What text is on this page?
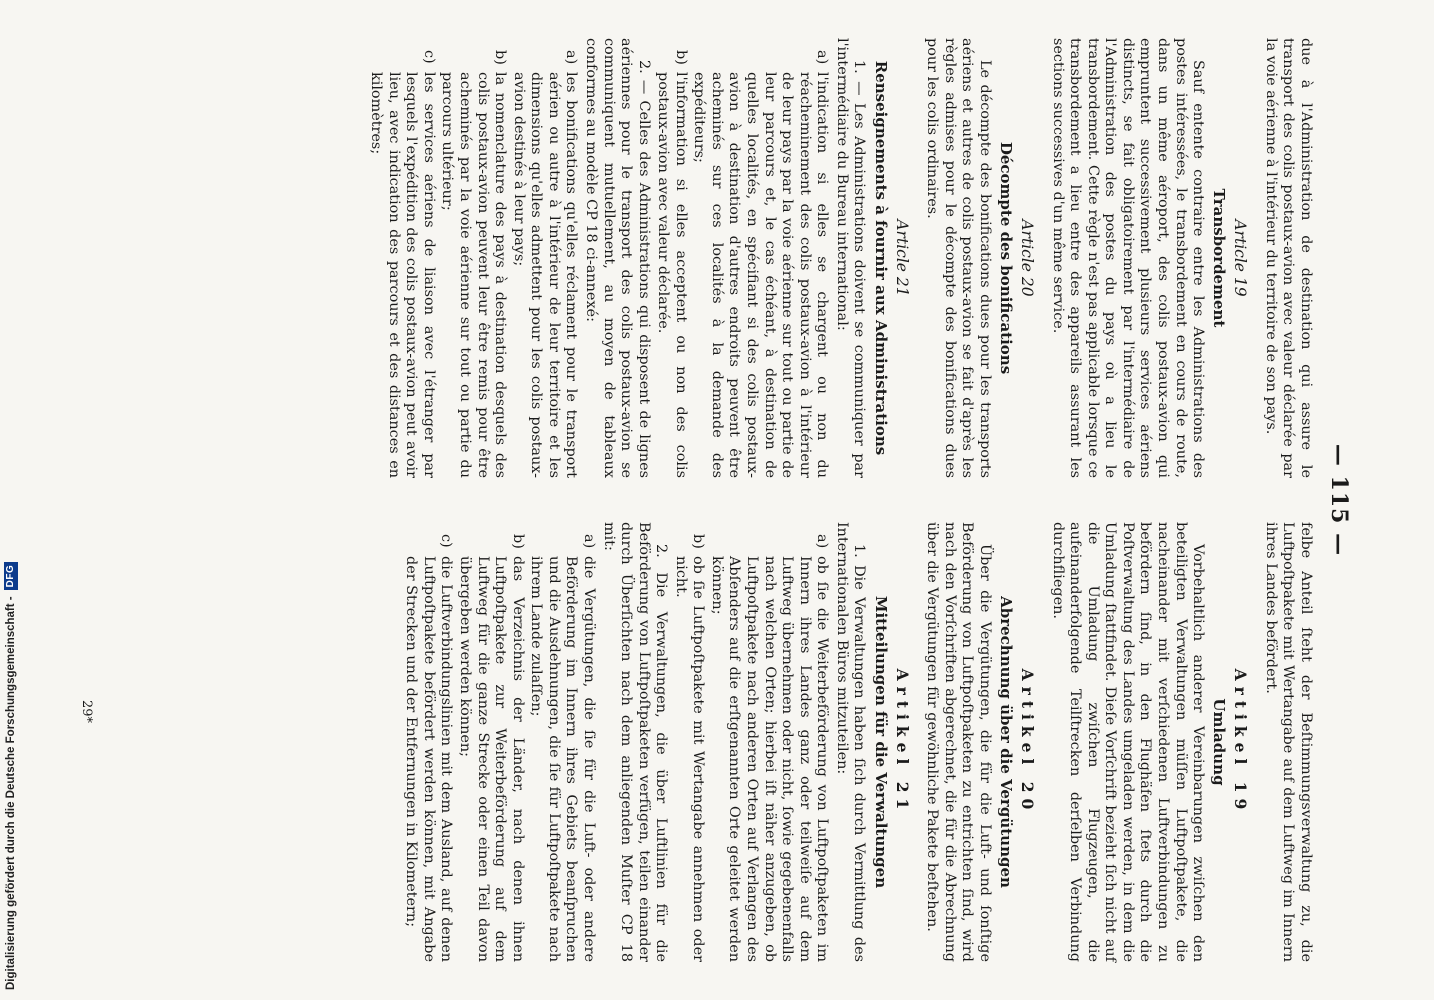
— 115 —

due à l'Administration de destination qui assure le transport des colis postaux-avion avec valeur déclarée par la voie aérienne à l'intérieur du territoire de son pays.

Article 19
Transbordement

Sauf entente contraire entre les Administrations des postes intéressées, le transbordement en cours de route, dans un même aéroport, des colis postaux-avion qui empruntent successivement plusieurs services aériens distincts, se fait obligatoirement par l'intermédiaire de l'Administration des postes du pays où a lieu le transbordement. Cette règle n'est pas applicable lorsque ce transbordement a lieu entre des appareils assurant les sections successives d'un même service.

Article 20
Décompte des bonifications

Le décompte des bonifications dues pour les transports aériens et autres de colis postaux-avion se fait d'après les règles admises pour le décompte des bonifications dues pour les colis ordinaires.

Article 21
Renseignements à fournir aux Administrations

1. — Les Administrations doivent se communiquer par l'intermédiaire du Bureau international:

a)
l'indication si elles se chargent ou non du réacheminement des colis postaux-avion à l'intérieur de leur pays par la voie aérienne sur tout ou partie de leur parcours et, le cas échéant, à destination de quelles localités, en spécifiant si des colis postaux-avion à destination d'autres endroits peuvent être acheminés sur ces localités à la demande des expéditeurs;
b)
l'information si elles acceptent ou non des colis postaux-avion avec valeur déclarée.

2. — Celles des Administrations qui disposent de lignes aériennes pour le transport des colis postaux-avion se communiquent mutuellement, au moyen de tableaux conformes au modèle CP 18 ci-annexé:

a)
les bonifications qu'elles réclament pour le transport aérien ou autre à l'intérieur de leur territoire et les dimensions qu'elles admettent pour les colis postaux-avion destinés à leur pays;
b)
la nomenclature des pays à destination desquels des colis postaux-avion peuvent leur être remis pour être acheminés par la voie aérienne sur tout ou partie du parcours ultérieur;
c)
les services aériens de liaison avec l'étranger par lesquels l'expédition des colis postaux-avion peut avoir lieu, avec indication des parcours et des distances en kilomètres;

felbe Anteil ſteht der Beſtimmungsverwaltung zu, die Luftpoſtpakete mit Wertangabe auf dem Luftweg im Innern ihres Landes befördert.

Artikel 19
Umladung

Vorbehaltlich anderer Vereinbarungen zwiſchen den beteiligten Verwaltungen müſſen Luftpoſtpakete, die nacheinander mit verſchiedenen Luftverbindungen zu befördern ſind, in den Flughäfen ſtets durch die Poſtverwaltung des Landes umgeladen werden, in dem die Umladung ſtattfindet. Dieſe Vorſchrift bezieht ſich nicht auf die Umladung zwiſchen Flugzeugen, die aufeinanderfolgende Teilſtrecken derſelben Verbindung durchfliegen.

Artikel 20
Abrechnung über die Vergütungen

Über die Vergütungen, die für die Luft- und ſonſtige Beförderung von Luftpoſtpaketen zu entrichten ſind, wird nach den Vorſchriften abgerechnet, die für die Abrechnung über die Vergütungen für gewöhnliche Pakete beſtehen.

Artikel 21
Mitteilungen für die Verwaltungen

1. Die Verwaltungen haben ſich durch Vermittlung des Internationalen Büros mitzuteilen:

a)
ob ſie die Weiterbeförderung von Luftpoſtpaketen im Innern ihres Landes ganz oder teilweiſe auf dem Luftweg übernehmen oder nicht, ſowie gegebenenfalls nach welchen Orten; hierbei iſt näher anzugeben, ob Luftpoſtpakete nach anderen Orten auf Verlangen des Abſenders auf die erſtgenannten Orte geleitet werden können;
b)
ob ſie Luftpoſtpakete mit Wertangabe annehmen oder nicht.

2. Die Verwaltungen, die über Luftlinien für die Beförderung von Luftpoſtpaketen verfügen, teilen einander durch Überſichten nach dem anliegenden Muſter CP 18 mit:

a)
die Vergütungen, die ſie für die Luft- oder andere Beförderung im Innern ihres Gebiets beanſpruchen und die Ausdehnungen, die ſie für Luftpoſtpakete nach ihrem Lande zulaſſen;
b)
das Verzeichnis der Länder, nach denen ihnen Luftpoſtpakete zur Weiterbeförderung auf dem Luftweg für die ganze Strecke oder einen Teil davon übergeben werden können;
c)
die Luftverbindungslinien mit dem Ausland, auf denen Luftpoſtpakete befördert werden können, mit Angabe der Strecken und der Entfernungen in Kilometern;
29*
Digitalisierung gefördert durch die Deutsche Forschungsgemeinschaft -
DFG
